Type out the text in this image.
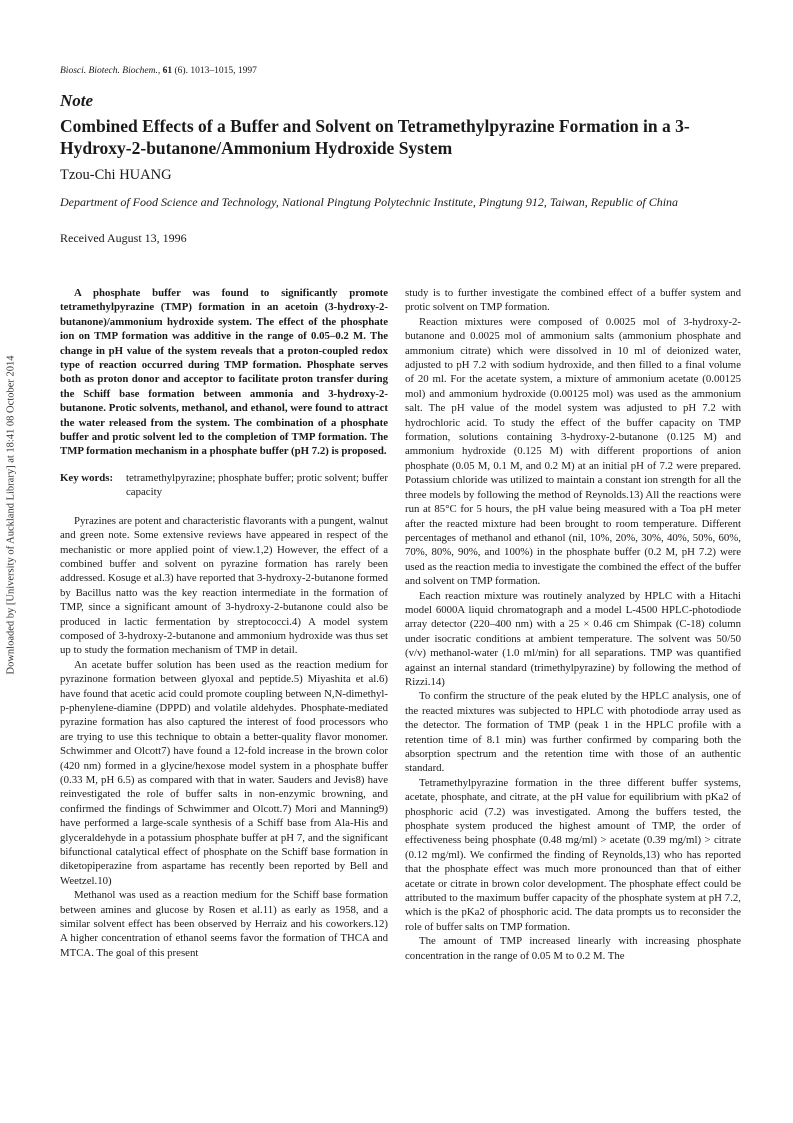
Downloaded by [University of Auckland Library] at 18:41 08 October 2014
Biosci. Biotech. Biochem., 61 (6). 1013–1015, 1997
Note
Combined Effects of a Buffer and Solvent on Tetramethylpyrazine Formation in a 3-Hydroxy-2-butanone/Ammonium Hydroxide System
Tzou-Chi HUANG
Department of Food Science and Technology, National Pingtung Polytechnic Institute, Pingtung 912, Taiwan, Republic of China
Received August 13, 1996

A phosphate buffer was found to significantly promote tetramethylpyrazine (TMP) formation in an acetoin (3-hydroxy-2-butanone)/ammonium hydroxide system. The effect of the phosphate ion on TMP formation was additive in the range of 0.05–0.2 M. The change in pH value of the system reveals that a proton-coupled redox type of reaction occurred during TMP formation. Phosphate serves both as proton donor and acceptor to facilitate proton transfer during the Schiff base formation between ammonia and 3-hydroxy-2-butanone. Protic solvents, methanol, and ethanol, were found to attract the water released from the system. The combination of a phosphate buffer and protic solvent led to the completion of TMP formation. The TMP formation mechanism in a phosphate buffer (pH 7.2) is proposed.

Key words:	tetramethylpyrazine; phosphate buffer; protic solvent; buffer capacity

Pyrazines are potent and characteristic flavorants with a pungent, walnut and green note. Some extensive reviews have appeared in respect of the mechanistic or more applied point of view.1,2) However, the effect of a combined buffer and solvent on pyrazine formation has rarely been addressed. Kosuge et al.3) have reported that 3-hydroxy-2-butanone formed by Bacillus natto was the key reaction intermediate in the formation of TMP, since a significant amount of 3-hydroxy-2-butanone could also be produced in lactic fermentation by streptococci.4) A model system composed of 3-hydroxy-2-butanone and ammonium hydroxide was thus set up to study the formation mechanism of TMP in detail.

An acetate buffer solution has been used as the reaction medium for pyrazinone formation between glyoxal and peptide.5) Miyashita et al.6) have found that acetic acid could promote coupling between N,N-dimethyl-p-phenylene-diamine (DPPD) and volatile aldehydes. Phosphate-mediated pyrazine formation has also captured the interest of food processors who are trying to use this technique to obtain a better-quality flavor monomer. Schwimmer and Olcott7) have found a 12-fold increase in the brown color (420 nm) formed in a glycine/hexose model system in a phosphate buffer (0.33 M, pH 6.5) as compared with that in water. Sauders and Jevis8) have reinvestigated the role of buffer salts in non-enzymic browning, and confirmed the findings of Schwimmer and Olcott.7) Mori and Manning9) have performed a large-scale synthesis of a Schiff base from Ala-His and glyceraldehyde in a potassium phosphate buffer at pH 7, and the significant bifunctional catalytical effect of phosphate on the Schiff base formation in diketopiperazine from aspartame has recently been reported by Bell and Weetzel.10)

Methanol was used as a reaction medium for the Schiff base formation between amines and glucose by Rosen et al.11) as early as 1958, and a similar solvent effect has been observed by Herraiz and his coworkers.12) A higher concentration of ethanol seems favor the formation of THCA and MTCA. The goal of this present

study is to further investigate the combined effect of a buffer system and protic solvent on TMP formation.

Reaction mixtures were composed of 0.0025 mol of 3-hydroxy-2-butanone and 0.0025 mol of ammonium salts (ammonium phosphate and ammonium citrate) which were dissolved in 10 ml of deionized water, adjusted to pH 7.2 with sodium hydroxide, and then filled to a final volume of 20 ml. For the acetate system, a mixture of ammonium acetate (0.00125 mol) and ammonium hydroxide (0.00125 mol) was used as the ammonium salt. The pH value of the model system was adjusted to pH 7.2 with hydrochloric acid. To study the effect of the buffer capacity on TMP formation, solutions containing 3-hydroxy-2-butanone (0.125 M) and ammonium hydroxide (0.125 M) with different proportions of anion phosphate (0.05 M, 0.1 M, and 0.2 M) at an initial pH of 7.2 were prepared. Potassium chloride was utilized to maintain a constant ion strength for all the three models by following the method of Reynolds.13) All the reactions were run at 85°C for 5 hours, the pH value being measured with a Toa pH meter after the reacted mixture had been brought to room temperature. Different percentages of methanol and ethanol (nil, 10%, 20%, 30%, 40%, 50%, 60%, 70%, 80%, 90%, and 100%) in the phosphate buffer (0.2 M, pH 7.2) were used as the reaction media to investigate the combined the effect of the buffer and solvent on TMP formation.

Each reaction mixture was routinely analyzed by HPLC with a Hitachi model 6000A liquid chromatograph and a model L-4500 HPLC-photodiode array detector (220–400 nm) with a 25 × 0.46 cm Shimpak (C-18) column under isocratic conditions at ambient temperature. The solvent was 50/50 (v/v) methanol-water (1.0 ml/min) for all separations. TMP was quantified against an internal standard (trimethylpyrazine) by following the method of Rizzi.14)

To confirm the structure of the peak eluted by the HPLC analysis, one of the reacted mixtures was subjected to HPLC with photodiode array used as the detector. The formation of TMP (peak 1 in the HPLC profile with a retention time of 8.1 min) was further confirmed by comparing both the absorption spectrum and the retention time with those of an authentic standard.

Tetramethylpyrazine formation in the three different buffer systems, acetate, phosphate, and citrate, at the pH value for equilibrium with pKa2 of phosphoric acid (7.2) was investigated. Among the buffers tested, the phosphate system produced the highest amount of TMP, the order of effectiveness being phosphate (0.48 mg/ml) > acetate (0.39 mg/ml) > citrate (0.12 mg/ml). We confirmed the finding of Reynolds,13) who has reported that the phosphate effect was much more pronounced than that of either acetate or citrate in brown color development. The phosphate effect could be attributed to the maximum buffer capacity of the phosphate system at pH 7.2, which is the pKa2 of phosphoric acid. The data prompts us to reconsider the role of buffer salts on TMP formation.

The amount of TMP increased linearly with increasing phosphate concentration in the range of 0.05 M to 0.2 M. The
